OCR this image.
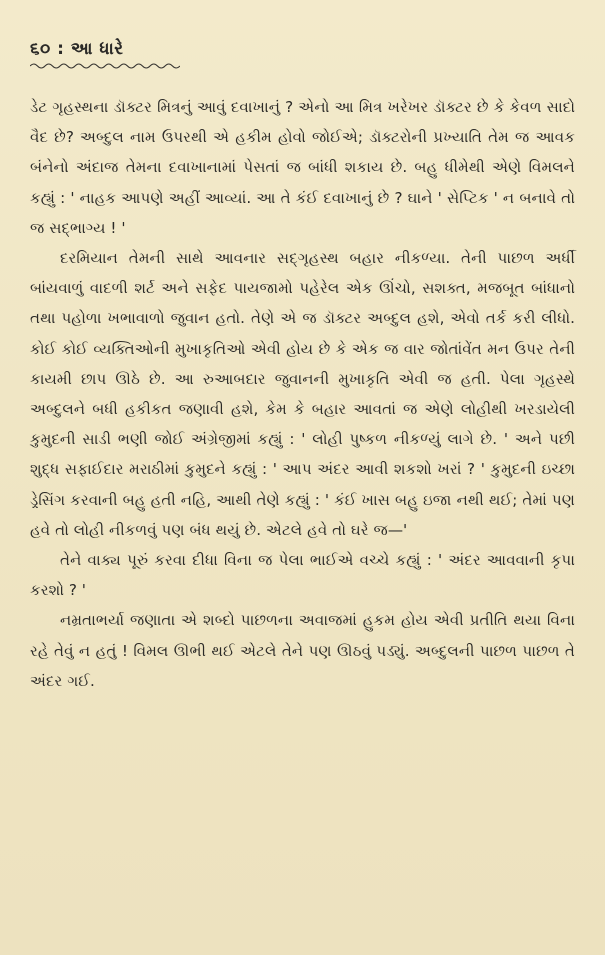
૬૦ : આ ધારે

ડેટ ગૃહસ્થના ડૉક્ટર મિત્રનું આવું દવાખાનું ? એનો આ મિત્ર ખરેખર ડૉક્ટર છે કે કેવળ સાદો વૈદ છે? અબ્દુલ નામ ઉપરથી એ હકીમ હોવો જોઈએ; ડૉક્ટરોની પ્રખ્યાતિ તેમ જ આવક બંનેનો અંદાજ તેમના દવાખાનામાં પેસતાં જ બાંધી શકાય છે. બહુ ધીમેથી એણે વિમલને કહ્યું : ' નાહક આપણે અહીં આવ્યાં. આ તે કંઈ દવાખાનું છે ? ઘાને ' સેપ્ટિક ' ન બનાવે તો જ સદ્ભાગ્ય ! '

દરમિયાન તેમની સાથે આવનાર સદ્ગૃહસ્થ બહાર નીકળ્યા. તેની પાછળ અર્ધી બાંયવાળું વાદળી શર્ટ અને સફેદ પાયજામો પહેરેલ એક ઊંચો, સશક્ત, મજબૂત બાંધાનો તથા પહોળા ખભાવાળો જુવાન હતો. તેણે એ જ ડૉક્ટર અબ્દુલ હશે, એવો તર્ક કરી લીધો. કોઈ કોઈ વ્યક્તિઓની મુખાકૃતિઓ એવી હોય છે કે એક જ વાર જોતાંવેંત મન ઉપર તેની કાયમી છાપ ઊઠે છે. આ રુઆબદાર જુવાનની મુખાકૃતિ એવી જ હતી. પેલા ગૃહસ્થે અબ્દુલને બધી હકીકત જણાવી હશે, કેમ કે બહાર આવતાં જ એણે લોહીથી ખરડાયેલી કુમુદની સાડી ભણી જોઈ અંગ્રેજીમાં કહ્યું : ' લોહી પુષ્કળ નીકળ્યું લાગે છે. ' અને પછી શુદ્ધ સફાઈદાર મરાઠીમાં કુમુદને કહ્યું : ' આપ અંદર આવી શકશો ખરાં ? ' કુમુદની ઇચ્છા ડ્રેસિંગ કરવાની બહુ હતી નહિ, આથી તેણે કહ્યું : ' કંઈ ખાસ બહુ ઇજા નથી થઈ; તેમાં પણ હવે તો લોહી નીકળવું પણ બંધ થયું છે. એટલે હવે તો ઘરે જ—'

તેને વાક્ય પૂરું કરવા દીધા વિના જ પેલા ભાઈએ વચ્ચે કહ્યું : ' અંદર આવવાની કૃપા કરશો ? '

નમ્રતાભર્યા જણાતા એ શબ્દો પાછળના અવાજમાં હુકમ હોય એવી પ્રતીતિ થયા વિના રહે તેવું ન હતું ! વિમલ ઊભી થઈ એટલે તેને પણ ઊઠવું પડ્યું. અબ્દુલની પાછળ પાછળ તે અંદર ગઈ.
